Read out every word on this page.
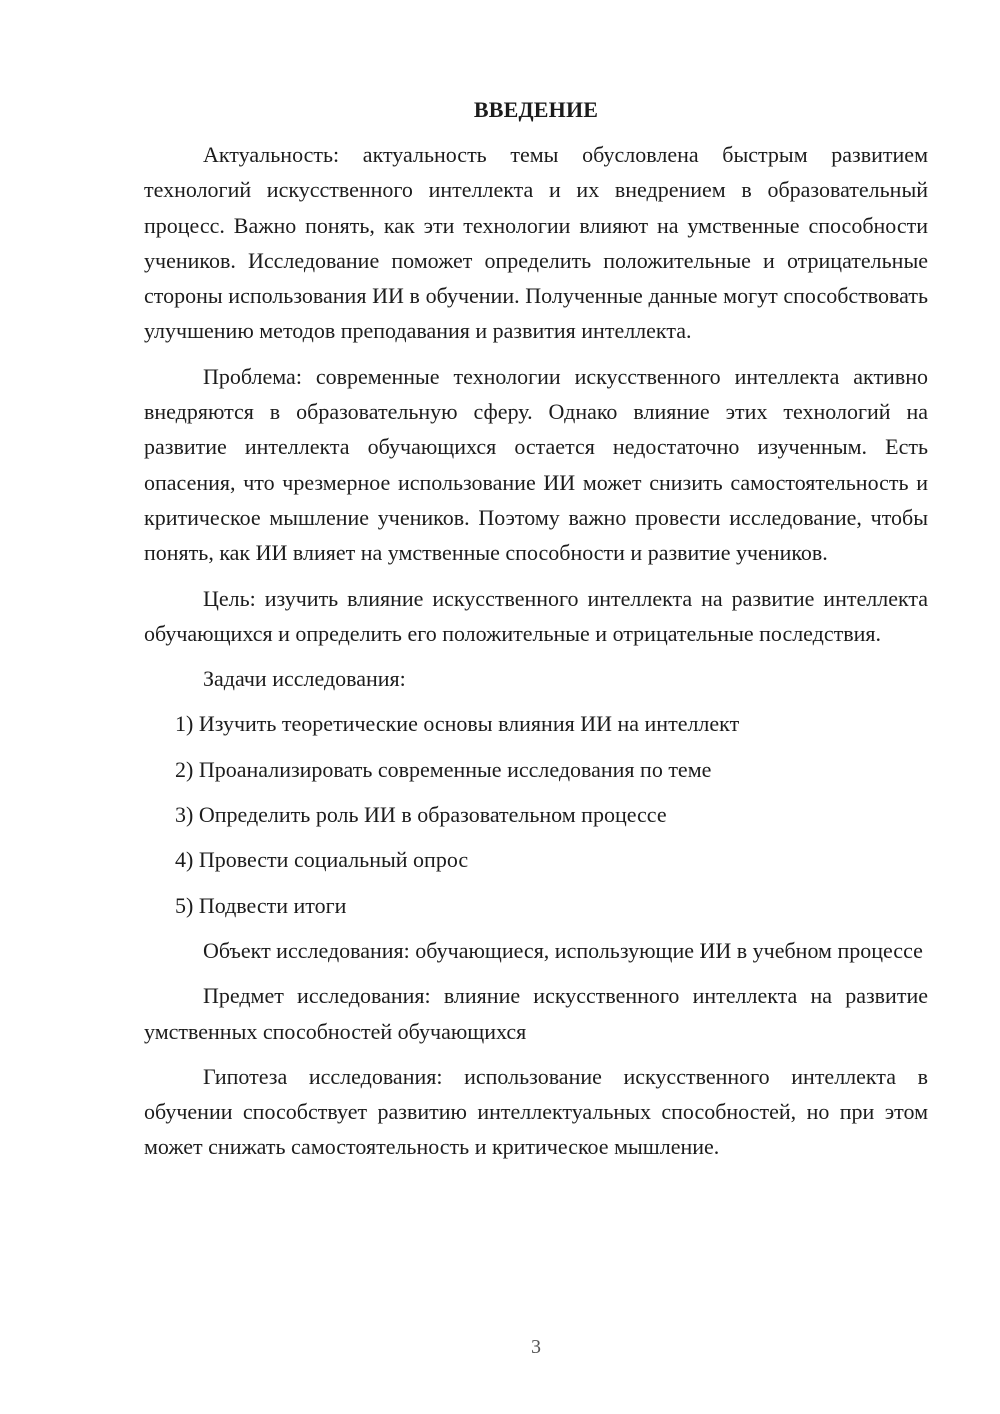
ВВЕДЕНИЕ

Актуальность: актуальность темы обусловлена быстрым развитием технологий искусственного интеллекта и их внедрением в образовательный процесс. Важно понять, как эти технологии влияют на умственные способности учеников. Исследование поможет определить положительные и отрицательные стороны использования ИИ в обучении. Полученные данные могут способствовать улучшению методов преподавания и развития интеллекта.

Проблема: современные технологии искусственного интеллекта активно внедряются в образовательную сферу. Однако влияние этих технологий на развитие интеллекта обучающихся остается недостаточно изученным. Есть опасения, что чрезмерное использование ИИ может снизить самостоятельность и критическое мышление учеников. Поэтому важно провести исследование, чтобы понять, как ИИ влияет на умственные способности и развитие учеников.

Цель: изучить влияние искусственного интеллекта на развитие интеллекта обучающихся и определить его положительные и отрицательные последствия.

Задачи исследования:

1) Изучить теоретические основы влияния ИИ на интеллект
2) Проанализировать современные исследования по теме
3) Определить роль ИИ в образовательном процессе
4) Провести социальный опрос
5) Подвести итоги

Объект исследования: обучающиеся, использующие ИИ в учебном процессе

Предмет исследования: влияние искусственного интеллекта на развитие умственных способностей обучающихся

Гипотеза исследования: использование искусственного интеллекта в обучении способствует развитию интеллектуальных способностей, но при этом может снижать самостоятельность и критическое мышление.

3
